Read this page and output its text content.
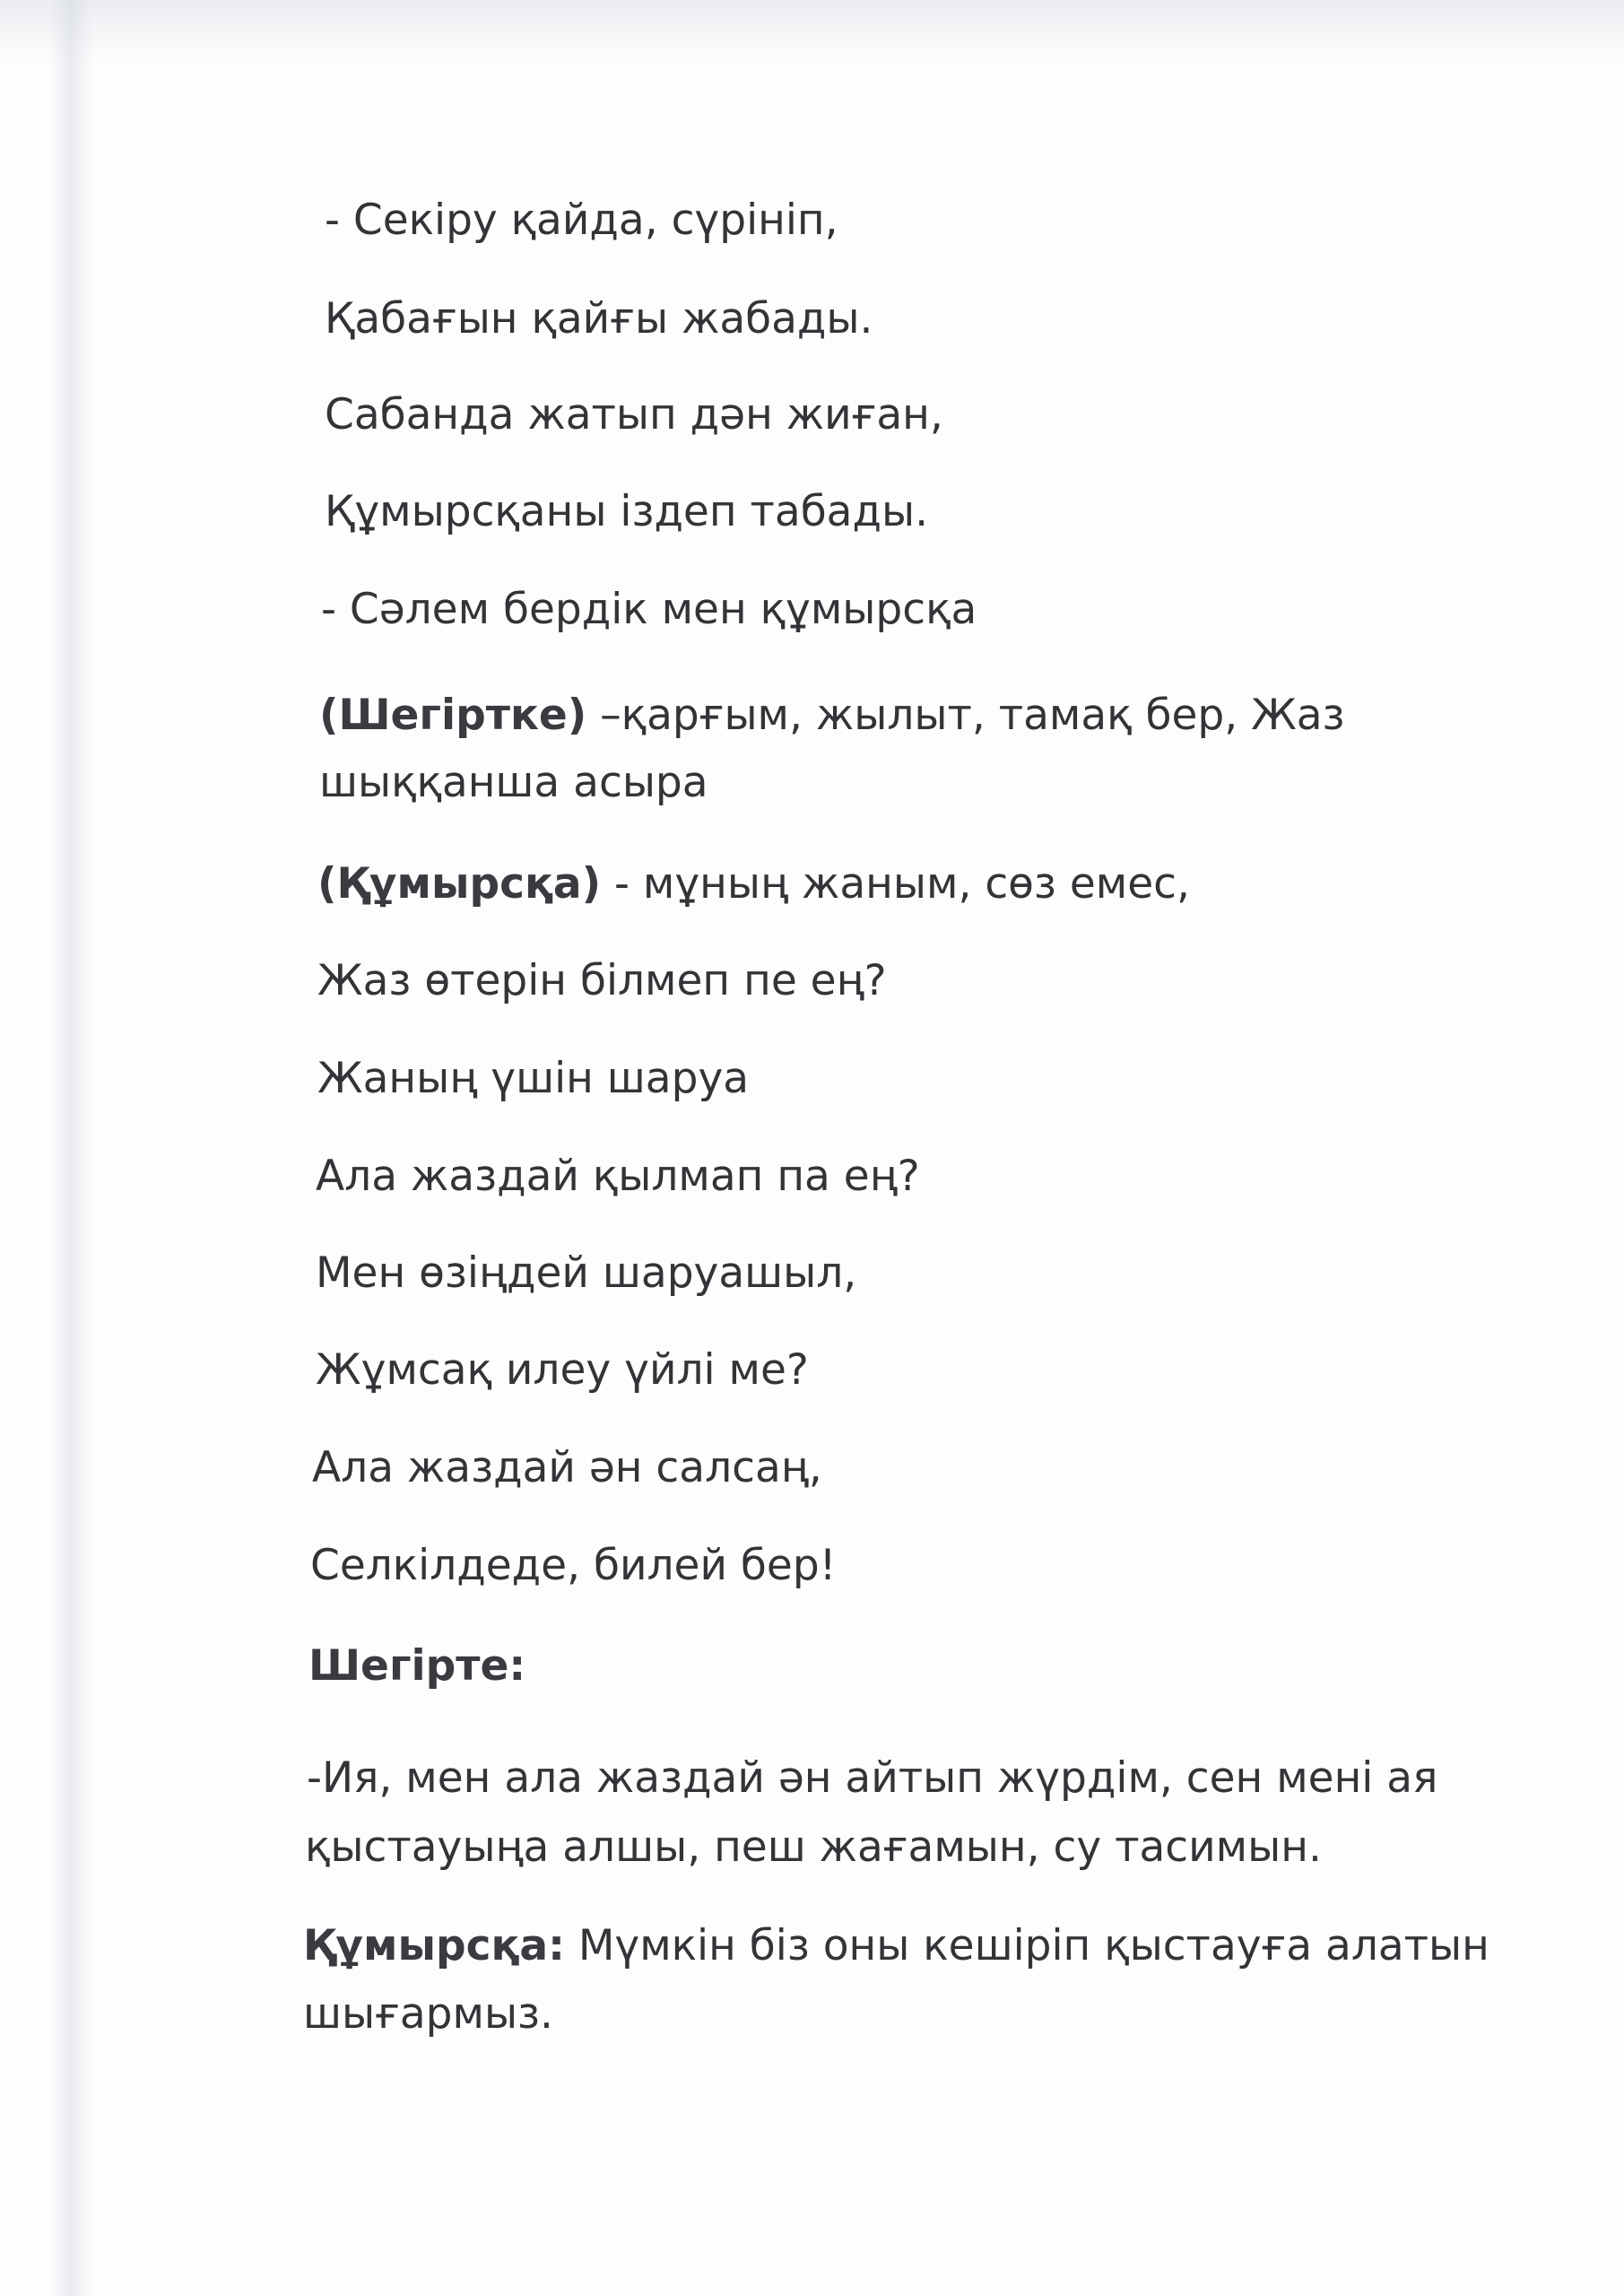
- Секіру қайда, сүрініп,
Қабағын қайғы жабады.
Сабанда жатып дән жиған,
Құмырсқаны іздеп табады.
- Сәлем бердік мен құмырсқа
(Шегіртке) –қарғым, жылыт, тамақ бер, Жаз
шыққанша асыра
(Құмырсқа) - мұның жаным, сөз емес,
Жаз өтерін білмеп пе ең?
Жаның үшін шаруа
Ала жаздай қылмап па ең?
Мен өзіңдей шаруашыл,
Жұмсақ илеу үйлі ме?
Ала жаздай ән салсаң,
Селкілдеде, билей бер!
Шегірте:
-Ия, мен ала жаздай ән айтып жүрдім, сен мені ая
қыстауыңа алшы, пеш жағамын, су тасимын.
Құмырсқа: Мүмкін біз оны кешіріп қыстауға алатын
шығармыз.
